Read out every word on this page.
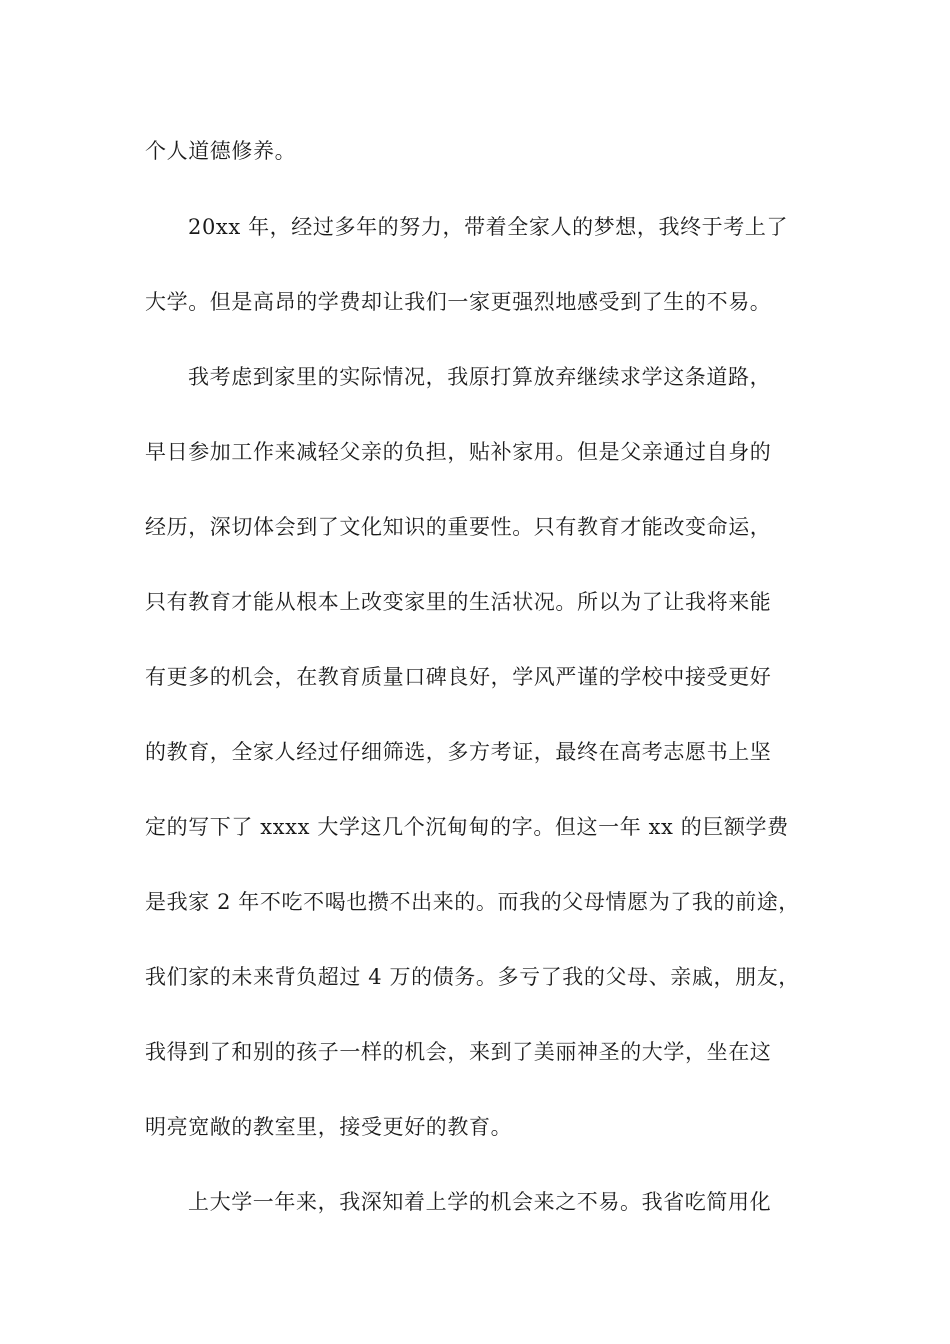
个人道德修养。
20xx 年，经过多年的努力，带着全家人的梦想，我终于考上了
大学。但是高昂的学费却让我们一家更强烈地感受到了生的不易。
我考虑到家里的实际情况，我原打算放弃继续求学这条道路，
早日参加工作来减轻父亲的负担，贴补家用。但是父亲通过自身的
经历，深切体会到了文化知识的重要性。只有教育才能改变命运，
只有教育才能从根本上改变家里的生活状况。所以为了让我将来能
有更多的机会，在教育质量口碑良好，学风严谨的学校中接受更好
的教育，全家人经过仔细筛选，多方考证，最终在高考志愿书上坚
定的写下了 xxxx 大学这几个沉甸甸的字。但这一年 xx 的巨额学费
是我家 2 年不吃不喝也攒不出来的。而我的父母情愿为了我的前途，
我们家的未来背负超过 4 万的债务。多亏了我的父母、亲戚，朋友，
我得到了和别的孩子一样的机会，来到了美丽神圣的大学，坐在这
明亮宽敞的教室里，接受更好的教育。
上大学一年来，我深知着上学的机会来之不易。我省吃简用化
